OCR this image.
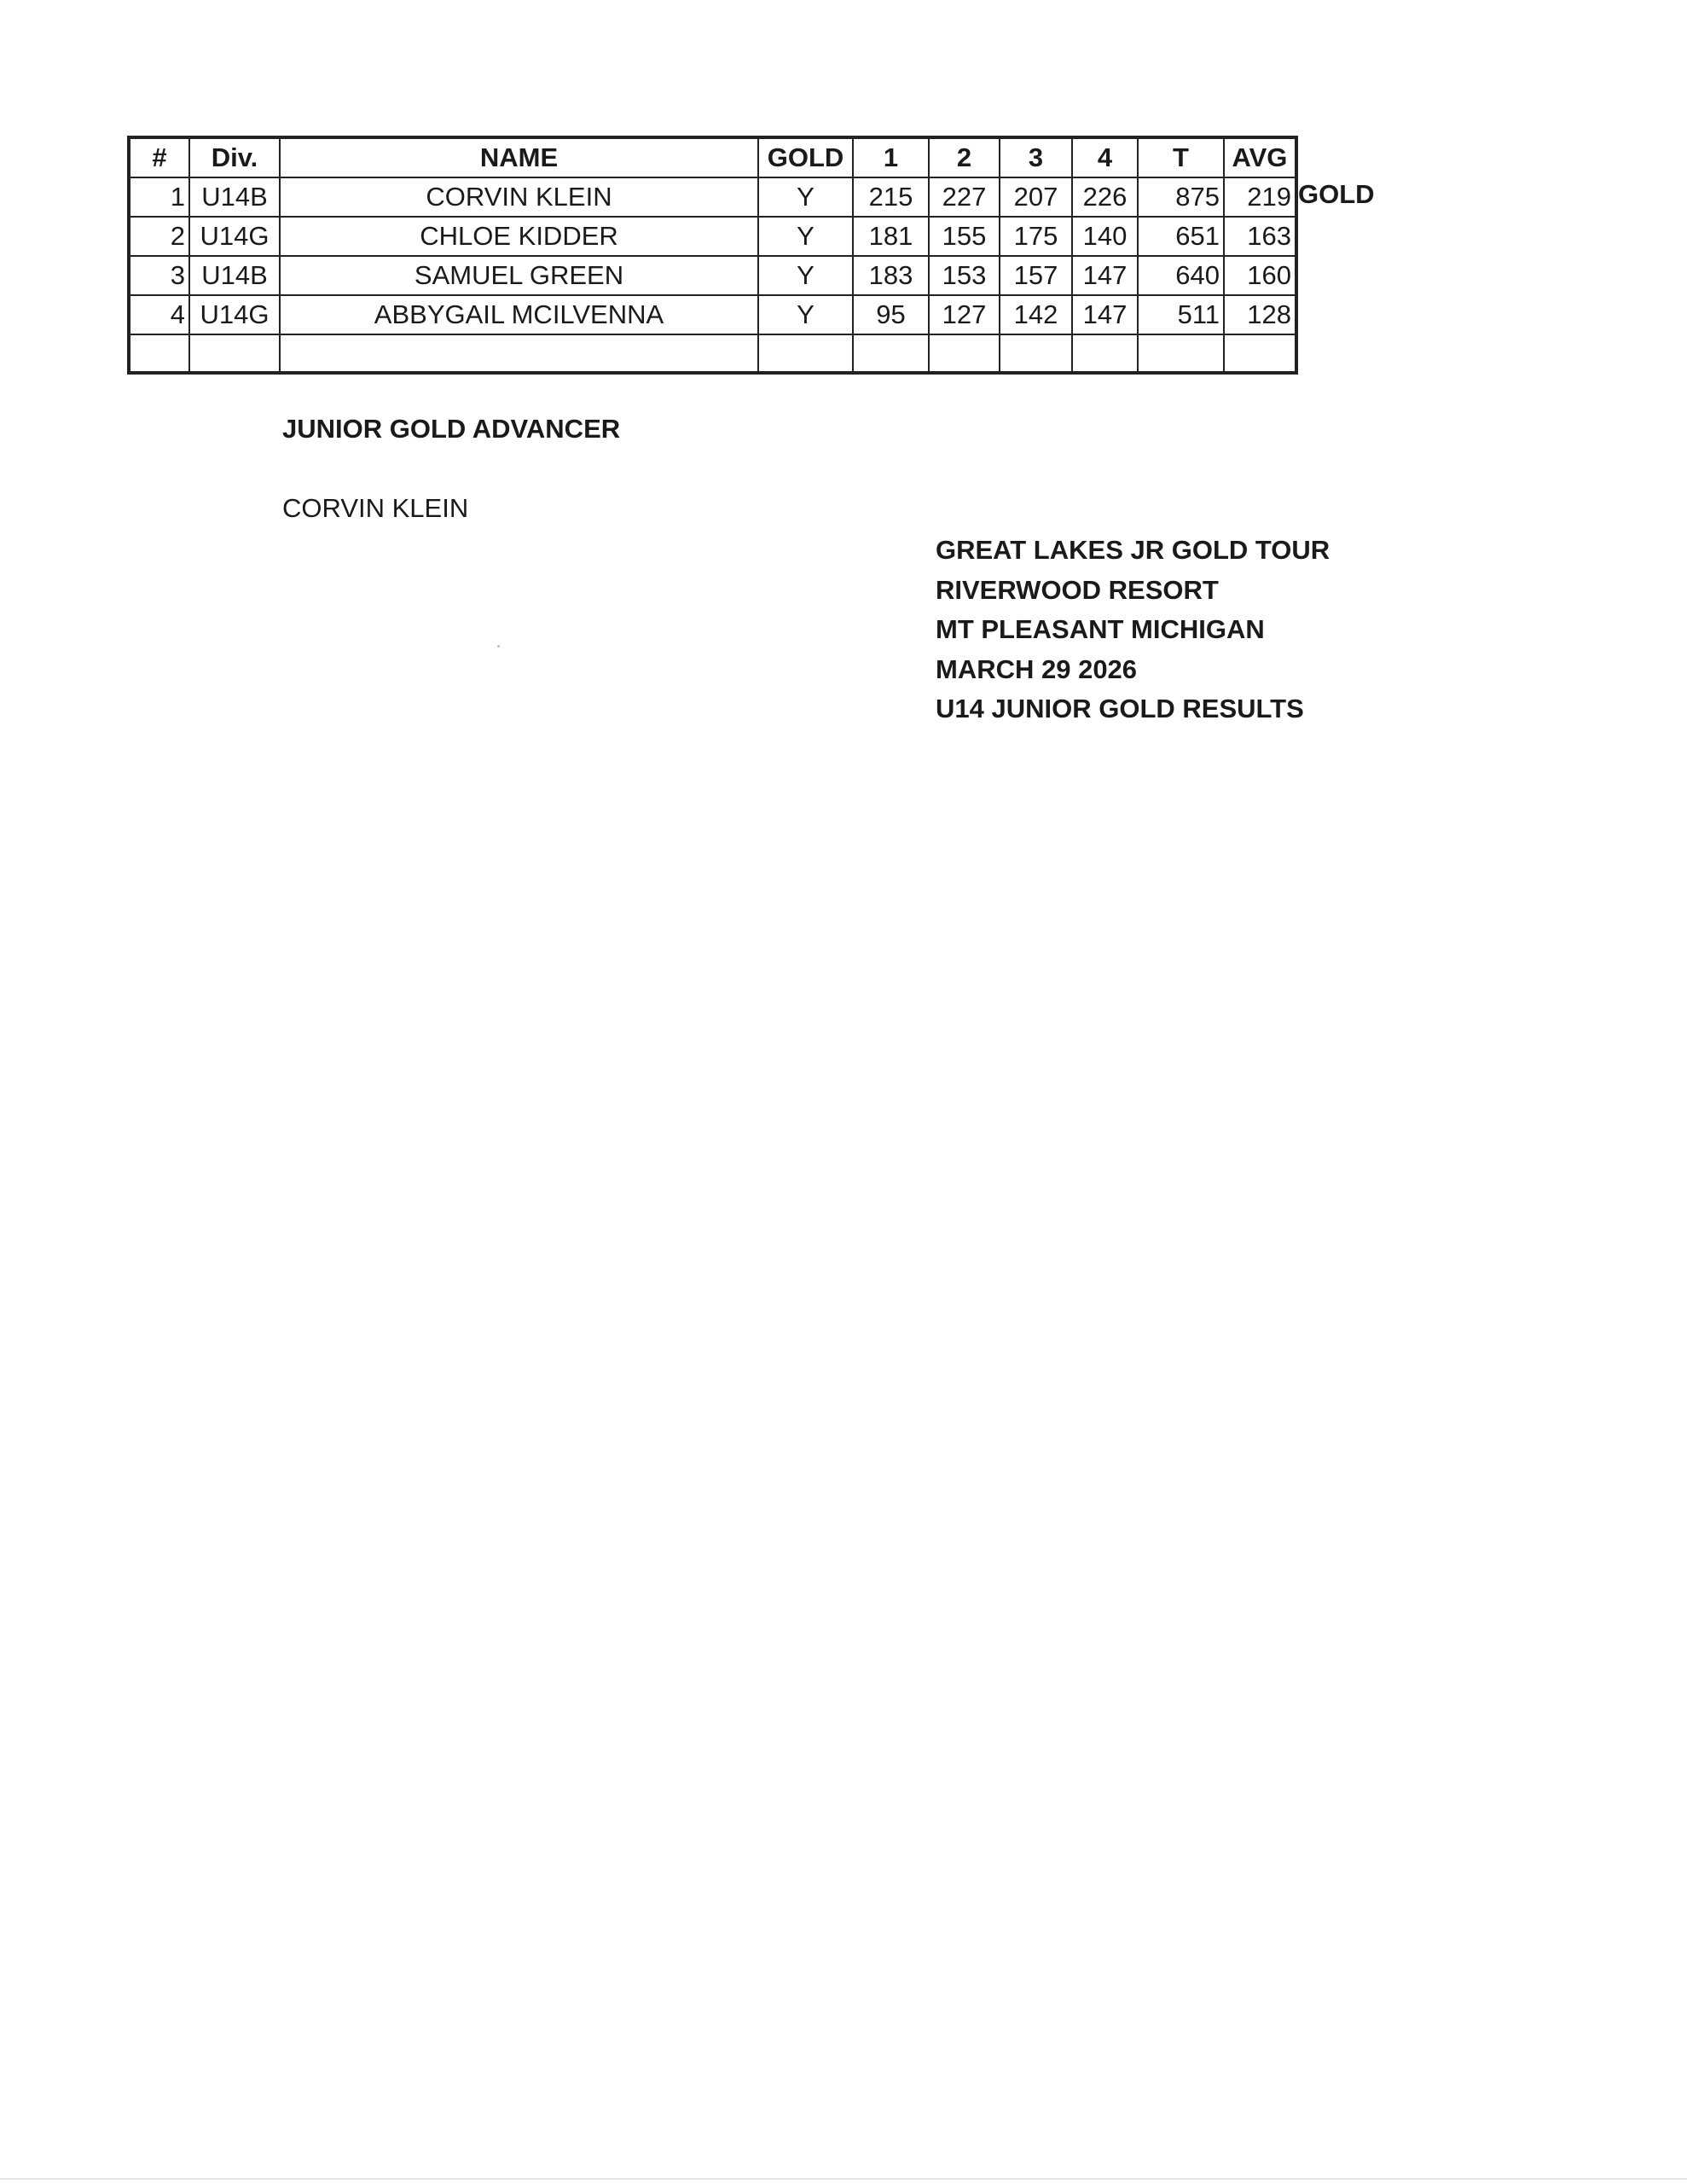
#	Div.	NAME	GOLD	1	2	3	4	T	AVG
1	U14B	CORVIN KLEIN	Y	215	227	207	226	875	219
2	U14G	CHLOE KIDDER	Y	181	155	175	140	651	163
3	U14B	SAMUEL GREEN	Y	183	153	157	147	640	160
4	U14G	ABBYGAIL MCILVENNA	Y	95	127	142	147	511	128

GOLD
JUNIOR GOLD ADVANCER
CORVIN KLEIN
GREAT LAKES JR GOLD TOUR
RIVERWOOD RESORT
MT PLEASANT MICHIGAN
MARCH 29 2026
U14 JUNIOR GOLD RESULTS
